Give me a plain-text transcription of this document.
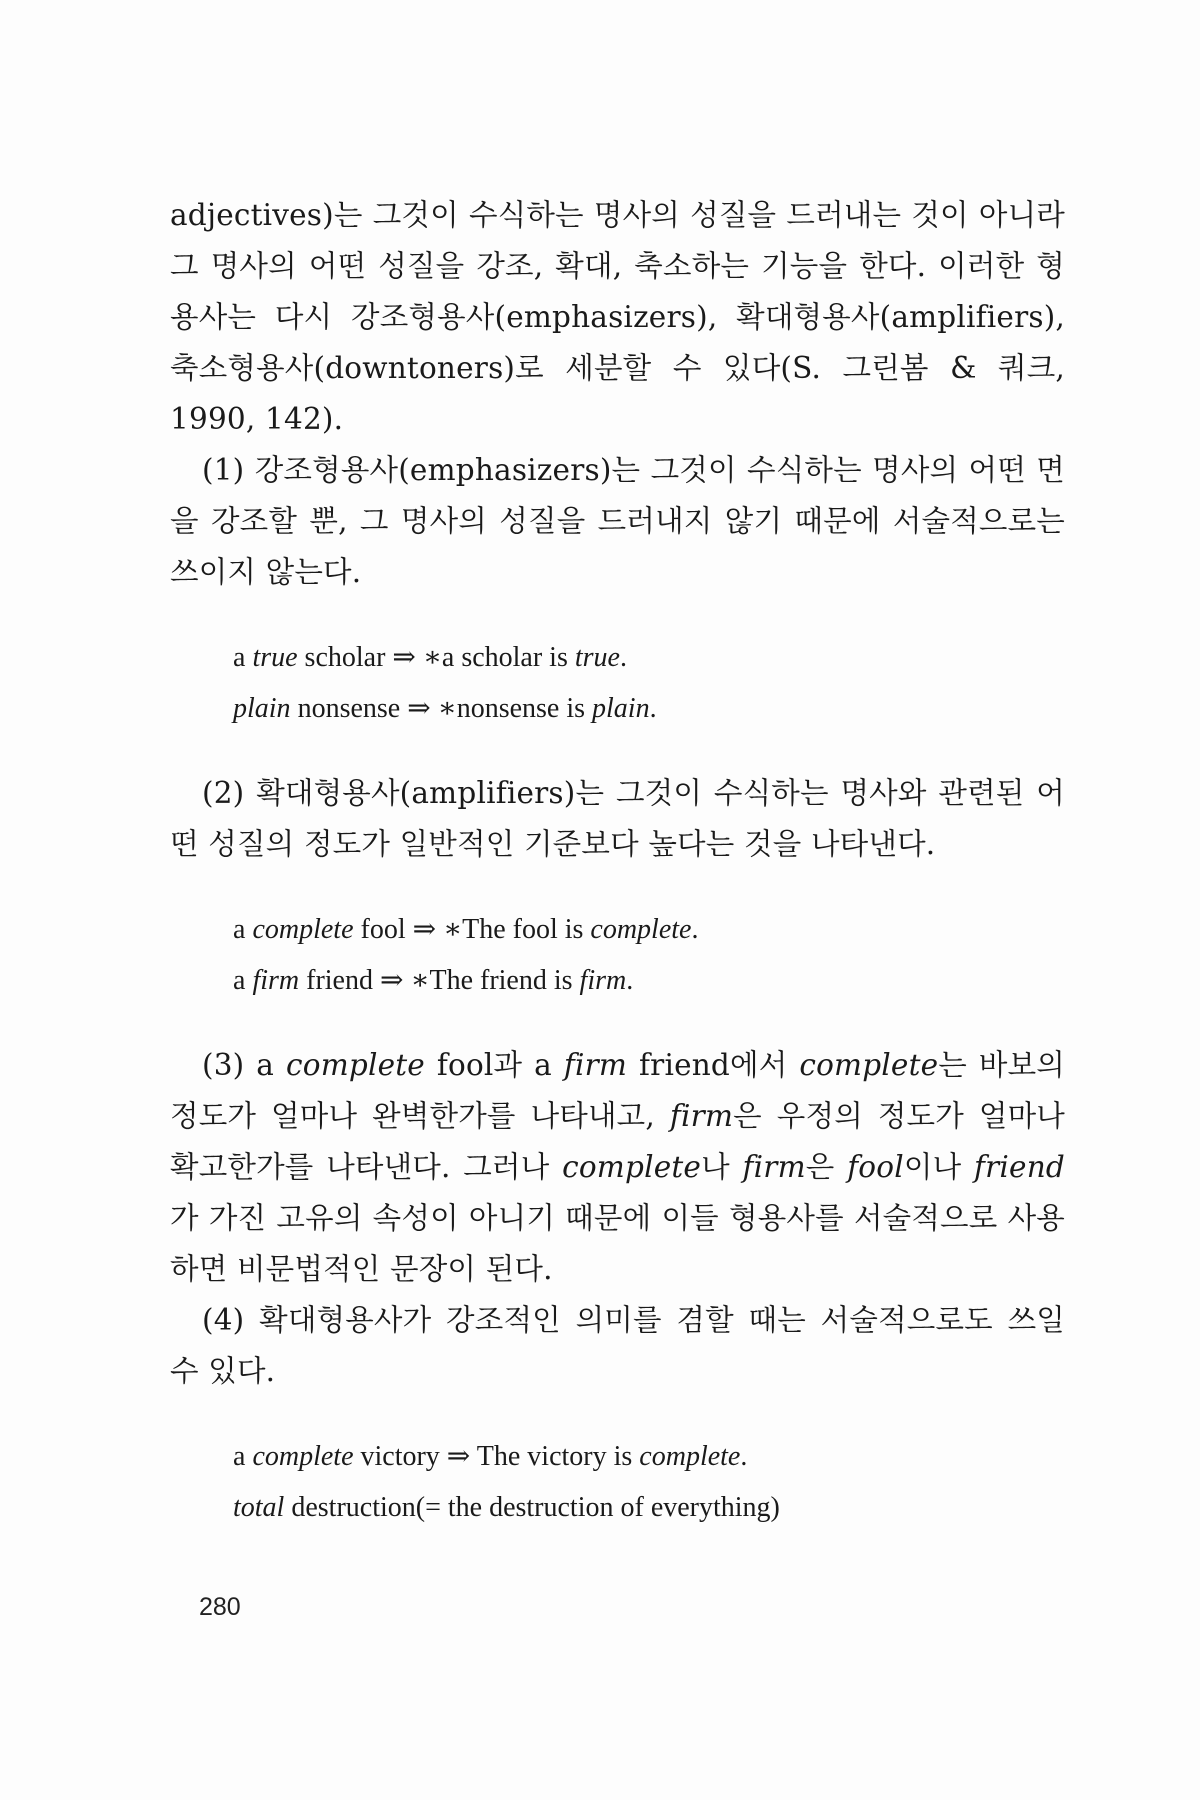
adjectives)는 그것이 수식하는 명사의 성질을 드러내는 것이 아니라 그 명사의 어떤 성질을 강조, 확대, 축소하는 기능을 한다. 이러한 형용사는 다시 강조형용사(emphasizers), 확대형용사(amplifiers), 축소형용사(downtoners)로 세분할 수 있다(S. 그린봄 & 쿼크, 1990, 142).

(1) 강조형용사(emphasizers)는 그것이 수식하는 명사의 어떤 면을 강조할 뿐, 그 명사의 성질을 드러내지 않기 때문에 서술적으로는 쓰이지 않는다.

a true scholar ⇒ ∗a scholar is true.
plain nonsense ⇒ ∗nonsense is plain.

(2) 확대형용사(amplifiers)는 그것이 수식하는 명사와 관련된 어떤 성질의 정도가 일반적인 기준보다 높다는 것을 나타낸다.

a complete fool ⇒ ∗The fool is complete.
a firm friend ⇒ ∗The friend is firm.

(3) a complete fool과 a firm friend에서 complete는 바보의 정도가 얼마나 완벽한가를 나타내고, firm은 우정의 정도가 얼마나 확고한가를 나타낸다. 그러나 complete나 firm은 fool이나 friend가 가진 고유의 속성이 아니기 때문에 이들 형용사를 서술적으로 사용하면 비문법적인 문장이 된다.

(4) 확대형용사가 강조적인 의미를 겸할 때는 서술적으로도 쓰일 수 있다.

a complete victory ⇒ The victory is complete.
total destruction(= the destruction of everything)
280
